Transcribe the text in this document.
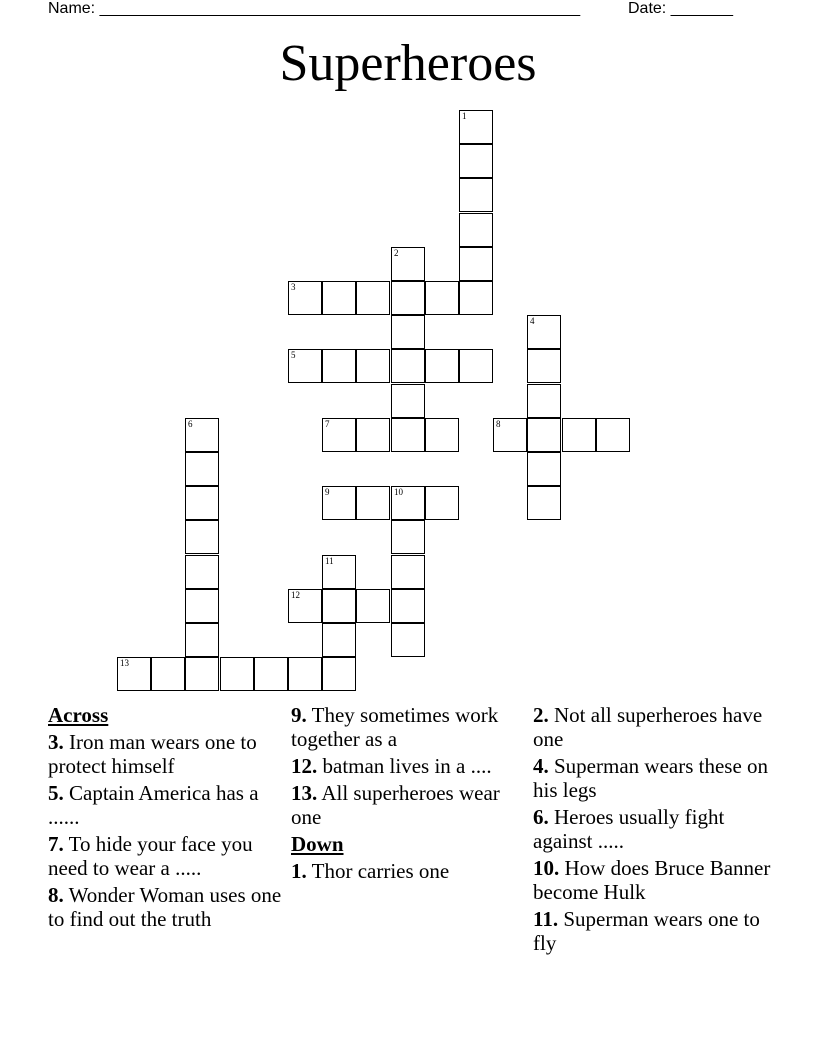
Name: ______________________________________________________	Date: _______
Superheroes
1
2
3
4
5
6	7	8
9	10
11
12
13
Across
3. Iron man wears one to protect himself
5. Captain America has a ......
7. To hide your face you need to wear a .....
8. Wonder Woman uses one to find out the truth
9. They sometimes work together as a
12. batman lives in a ....
13. All superheroes wear one
Down
1. Thor carries one
2. Not all superheroes have one
4. Superman wears these on his legs
6. Heroes usually fight against .....
10. How does Bruce Banner become Hulk
11. Superman wears one to fly
